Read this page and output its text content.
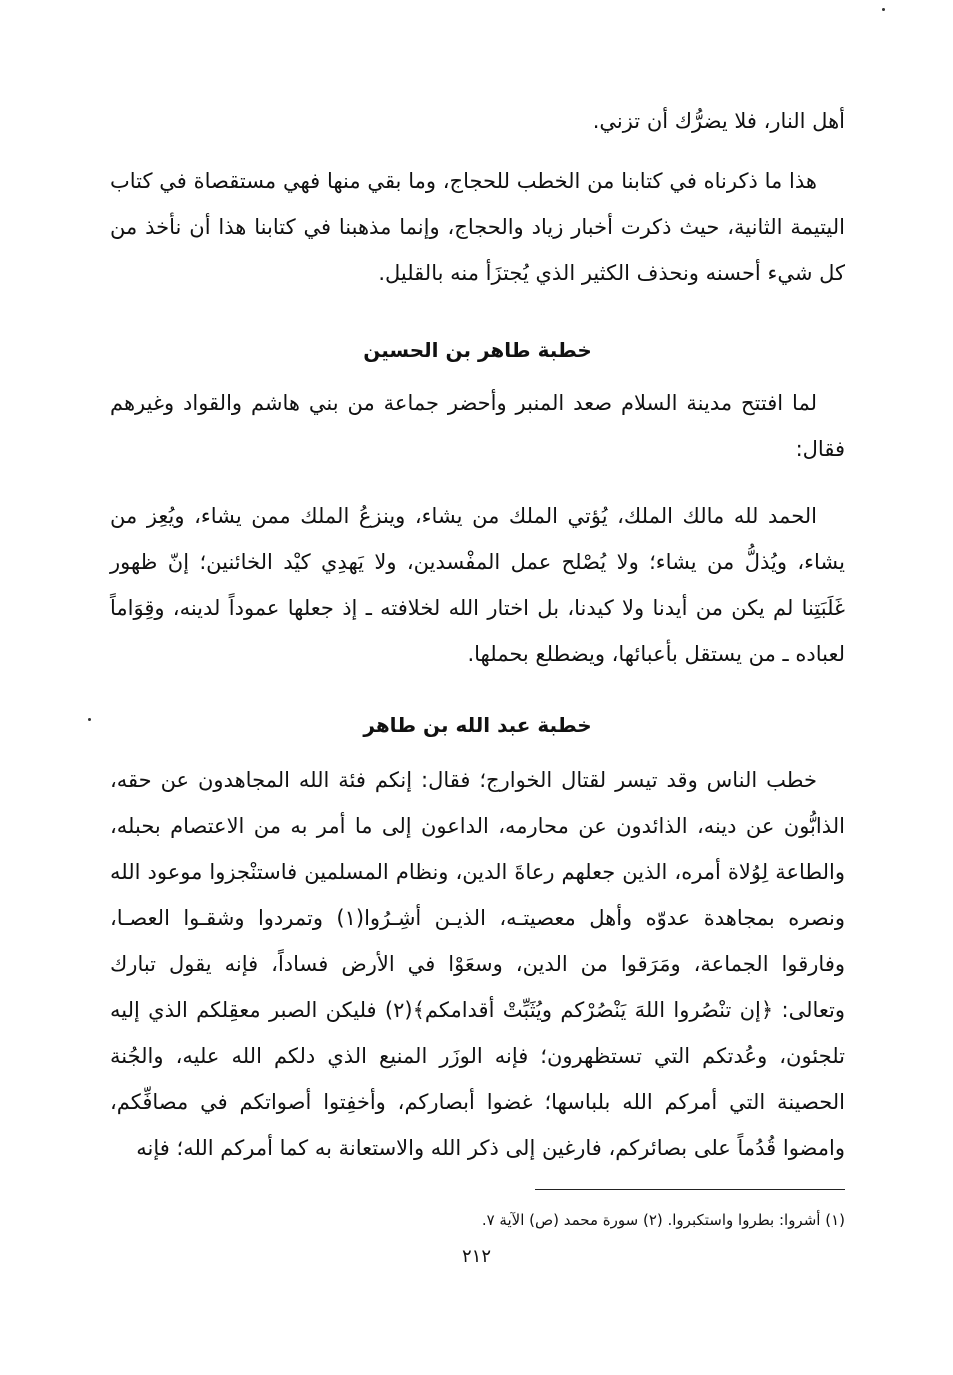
أهل النار، فلا يضرُّك أن تزني.

هذا ما ذكرناه في كتابنا من الخطب للحجاج، وما بقي منها فهي مستقصاة في كتاب اليتيمة الثانية، حيث ذكرت أخبار زياد والحجاج، وإنما مذهبنا في كتابنا هذا أن نأخذ من كل شيء أحسنه ونحذف الكثير الذي يُجتزَأ منه بالقليل.

خطبة طاهر بن الحسين

لما افتتح مدينة السلام صعد المنبر وأحضر جماعة من بني هاشم والقواد وغيرهم فقال:

الحمد لله مالك الملك، يُؤتي الملك من يشاء، وينزعُ الملك ممن يشاء، ويُعِز من يشاء، ويُذلُّ من يشاء؛ ولا يُصْلح عمل المفْسدين، ولا يَهدِي كيْد الخائنين؛ إنّ ظهور غَلَبَتِنا لم يكن من أيدنا ولا كيدنا، بل اختار الله لخلافته ـ إذ جعلها عموداً لدينه، وقِوَاماً لعباده ـ من يستقل بأعبائها، ويضطلع بحملها.

خطبة عبد الله بن طاهر

خطب الناس وقد تيسر لقتال الخوارج؛ فقال: إنكم فئة الله المجاهدون عن حقه، الذابُّون عن دينه، الذائدون عن محارمه، الداعون إلى ما أمر به من الاعتصام بحبله، والطاعة لِوُلاة أمره، الذين جعلهم رعاةَ الدين، ونظام المسلمين فاستنْجزوا موعود الله ونصره بمجاهدة عدوّه وأهل معصيتـه، الذيـن أشِـرُوا(١) وتمردوا وشقـوا العصـا، وفارقوا الجماعة، ومَرَقوا من الدين، وسعَوْا في الأرض فساداً، فإنه يقول تبارك وتعالى: ﴿إن تنْصُروا اللهَ يَنْصُرْكم ويُثَبِّتْ أقدامكم﴾(٢) فليكن الصبر معقِلكم الذي إليه تلجئون، وعُدتكم التي تستظهرون؛ فإنه الوزَر المنيع الذي دلكم الله عليه، والجُنة الحصينة التي أمركم الله بلباسها؛ غضوا أبصاركم، وأخفِتوا أصواتكم في مصافِّكم، وامضوا قُدُماً على بصائركم، فارغين إلى ذكر الله والاستعانة به كما أمركم الله؛ فإنه

(١) أشروا: بطروا واستكبروا. (٢) سورة محمد (ص) الآية ٧.
٢١٢
